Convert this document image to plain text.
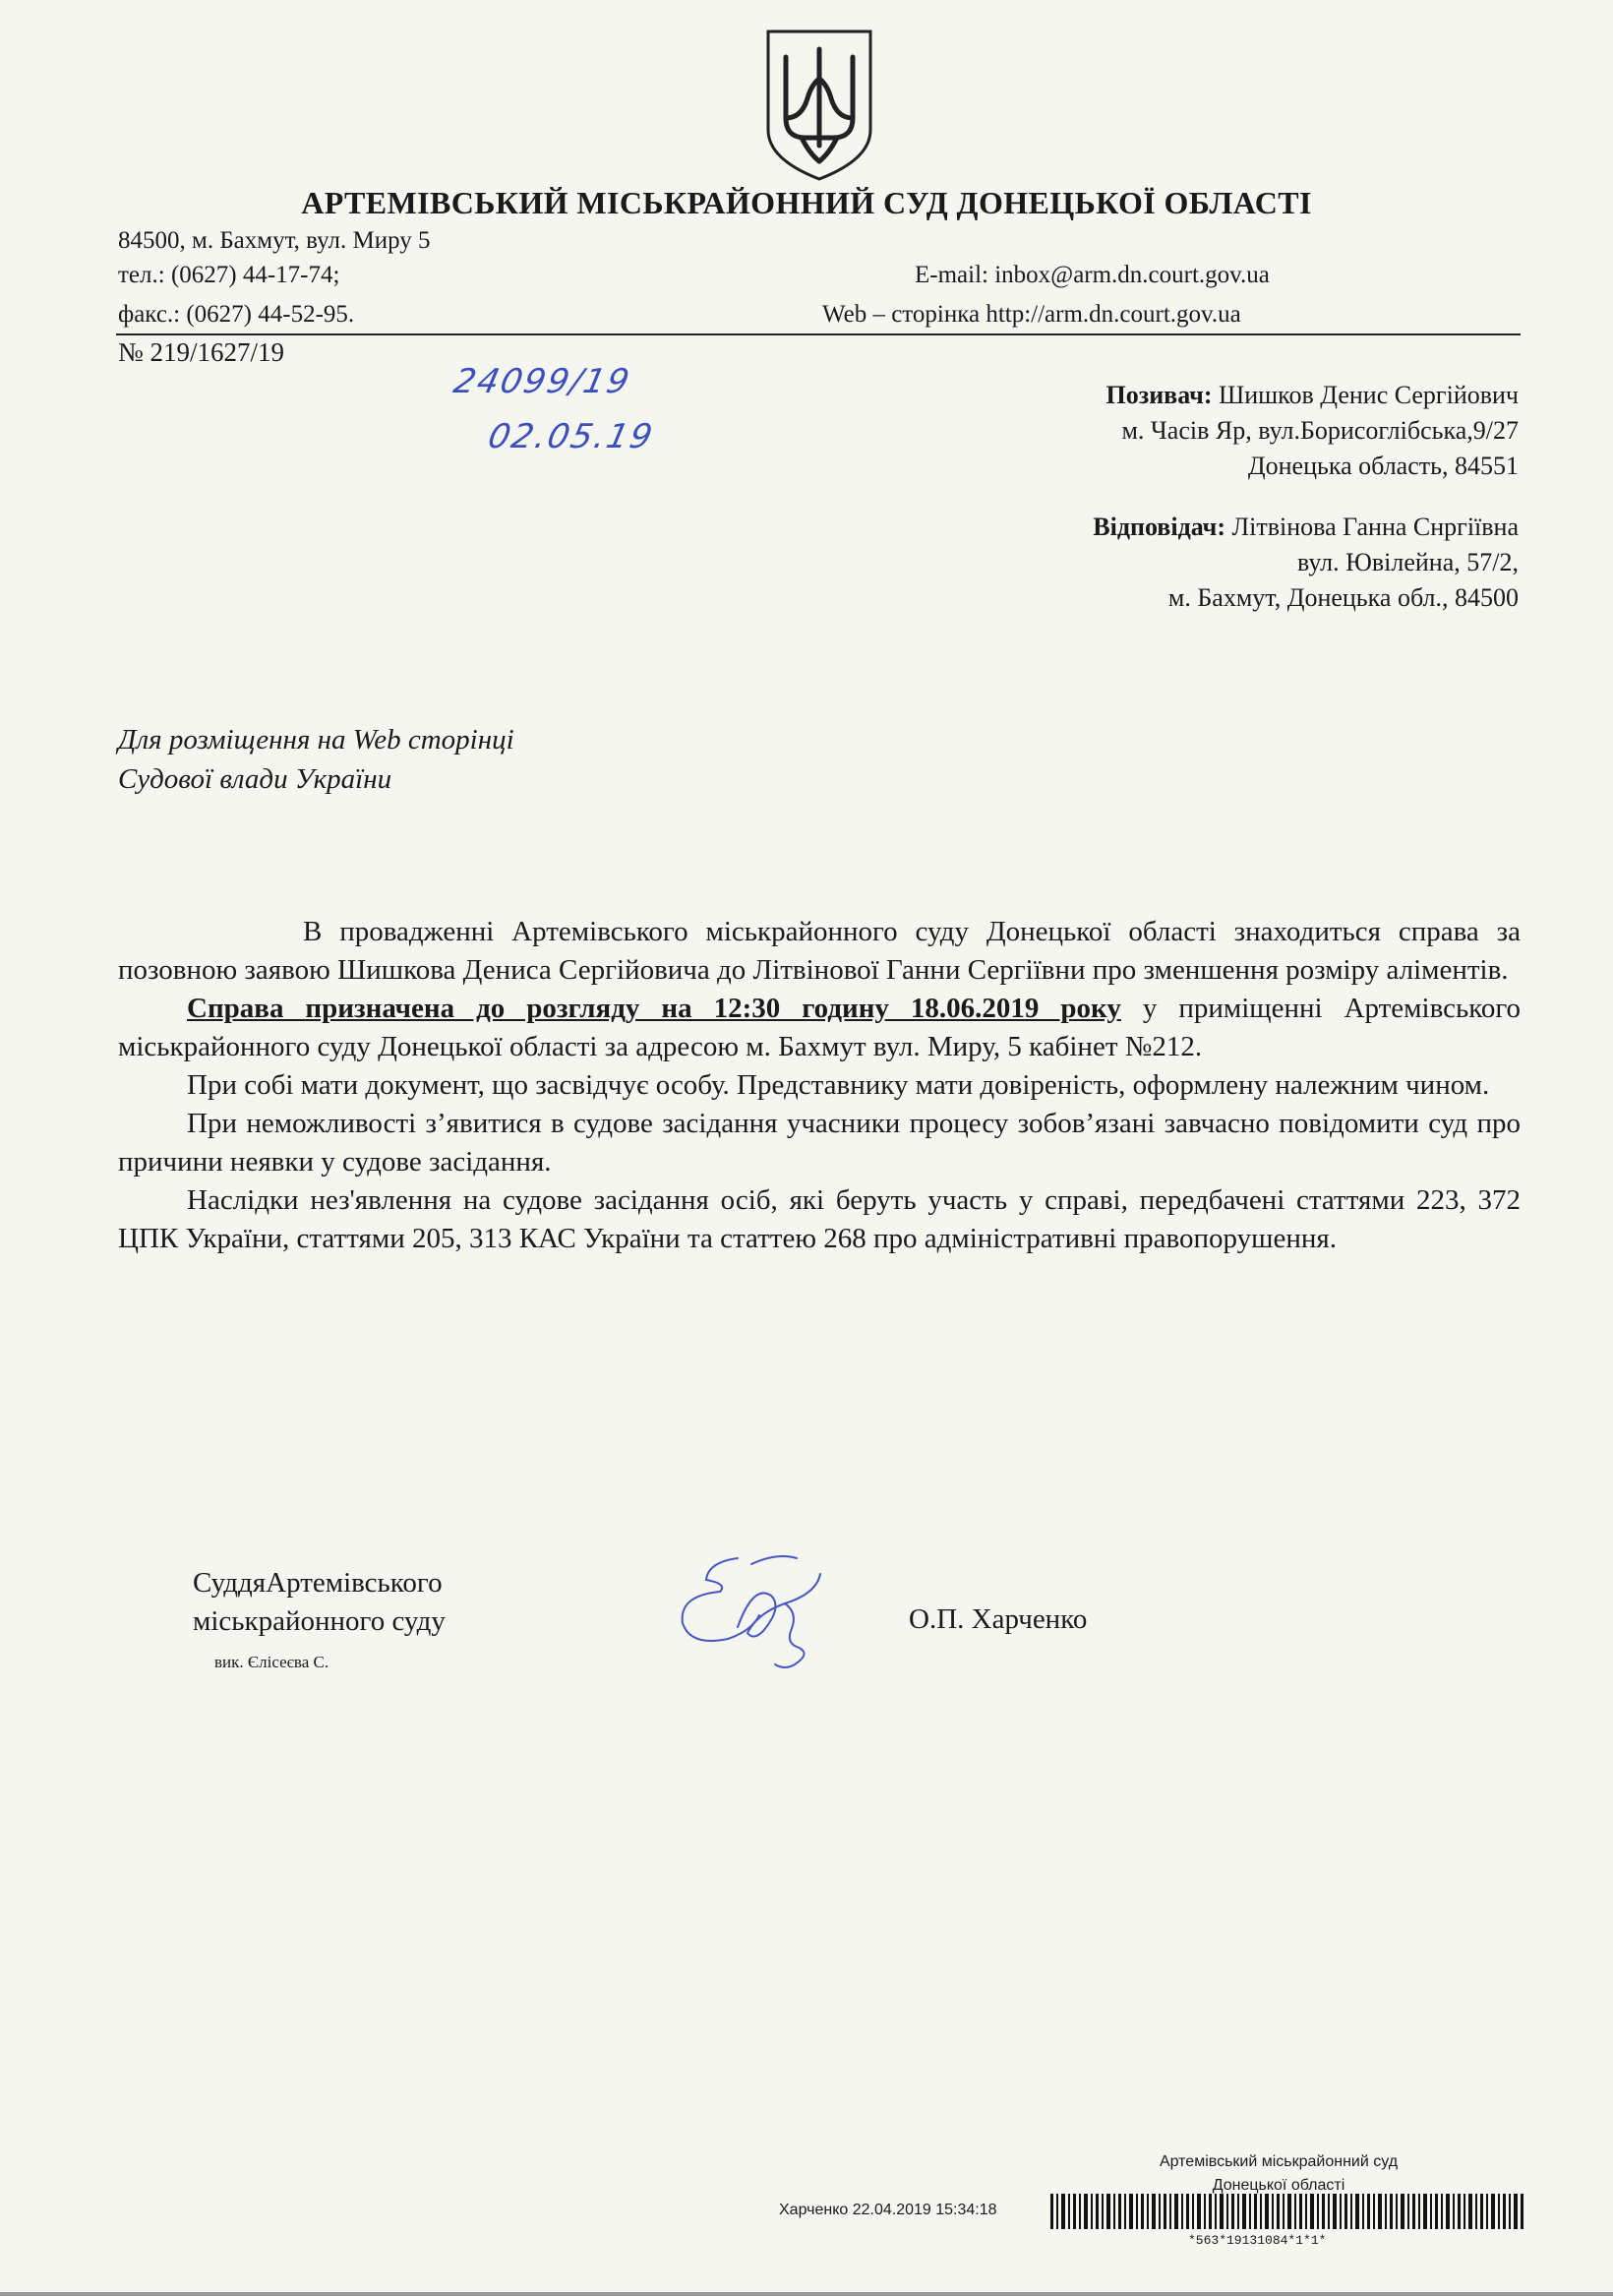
АРТЕМІВСЬКИЙ МІСЬКРАЙОННИЙ СУД ДОНЕЦЬКОЇ ОБЛАСТІ
84500, м. Бахмут, вул. Миру 5
тел.: (0627) 44-17-74;
факс.: (0627) 44-52-95.
E-mail: inbox@arm.dn.court.gov.ua
Web – сторінка http://arm.dn.court.gov.ua
№ 219/1627/19
24099/19
02.05.19
Позивач: Шишков Денис Сергійович
м. Часів Яр, вул.Борисоглібська,9/27
Донецька область, 84551
Відповідач: Літвінова Ганна Снргіївна
вул. Ювілейна, 57/2,
м. Бахмут, Донецька обл., 84500
Для розміщення на Web сторінці
Судової влади України

В провадженні Артемівського міськрайонного суду Донецької області знаходиться справа за позовною заявою Шишкова Дениса Сергійовича до Літвінової Ганни Сергіївни про зменшення розміру аліментів.

Справа призначена до розгляду на 12:30 годину 18.06.2019 року у приміщенні Артемівського міськрайонного суду Донецької області за адресою м. Бахмут вул. Миру, 5 кабінет №212.

При собі мати документ, що засвідчує особу. Представнику мати довіреність, оформлену належним чином.

При неможливості з’явитися в судове засідання учасники процесу зобов’язані завчасно повідомити суд про причини неявки у судове засідання.

Наслідки нез'явлення на судове засідання осіб, які беруть участь у справі, передбачені статтями 223, 372 ЦПК України, статтями 205, 313 КАС України та статтею 268 про адміністративні правопорушення.

СуддяАртемівського
міськрайонного суду
вик. Єлісеєва С.
О.П. Харченко
Артемівський міськрайонний суд
Донецької області
Харченко 22.04.2019 15:34:18
*563*19131084*1*1*
